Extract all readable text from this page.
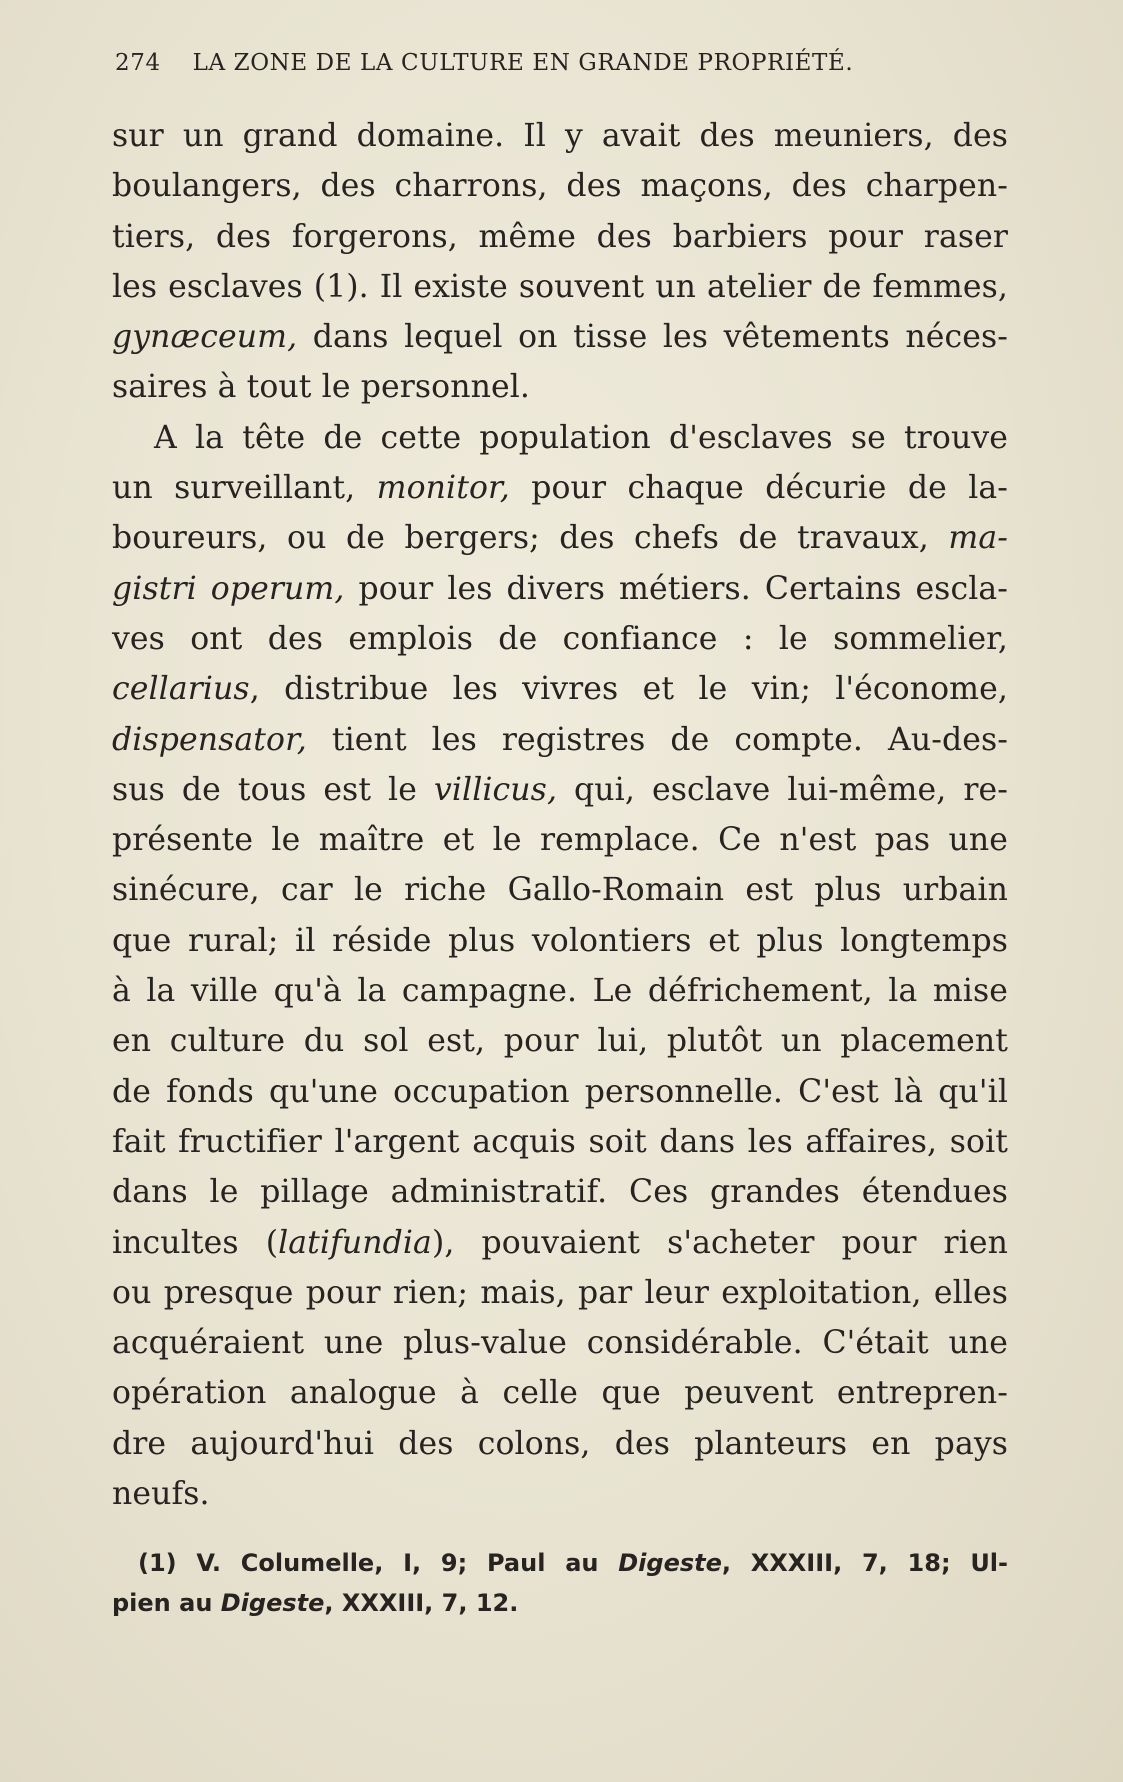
274 LA ZONE DE LA CULTURE EN GRANDE PROPRIÉTÉ.
sur un grand domaine. Il y avait des meuniers, des
boulangers, des charrons, des maçons, des charpen-
tiers, des forgerons, même des barbiers pour raser
les esclaves (1). Il existe souvent un atelier de femmes,
gynæceum, dans lequel on tisse les vêtements néces-
saires à tout le personnel.
A la tête de cette population d'esclaves se trouve
un surveillant, monitor, pour chaque décurie de la-
boureurs, ou de bergers; des chefs de travaux, ma-
gistri operum, pour les divers métiers. Certains escla-
ves ont des emplois de confiance : le sommelier,
cellarius, distribue les vivres et le vin; l'économe,
dispensator, tient les registres de compte. Au-des-
sus de tous est le villicus, qui, esclave lui-même, re-
présente le maître et le remplace. Ce n'est pas une
sinécure, car le riche Gallo-Romain est plus urbain
que rural; il réside plus volontiers et plus longtemps
à la ville qu'à la campagne. Le défrichement, la mise
en culture du sol est, pour lui, plutôt un placement
de fonds qu'une occupation personnelle. C'est là qu'il
fait fructifier l'argent acquis soit dans les affaires, soit
dans le pillage administratif. Ces grandes étendues
incultes (latifundia), pouvaient s'acheter pour rien
ou presque pour rien; mais, par leur exploitation, elles
acquéraient une plus-value considérable. C'était une
opération analogue à celle que peuvent entrepren-
dre aujourd'hui des colons, des planteurs en pays
neufs.
(1) V. Columelle, I, 9; Paul au Digeste, XXXIII, 7, 18; Ul-
pien au Digeste, XXXIII, 7, 12.
